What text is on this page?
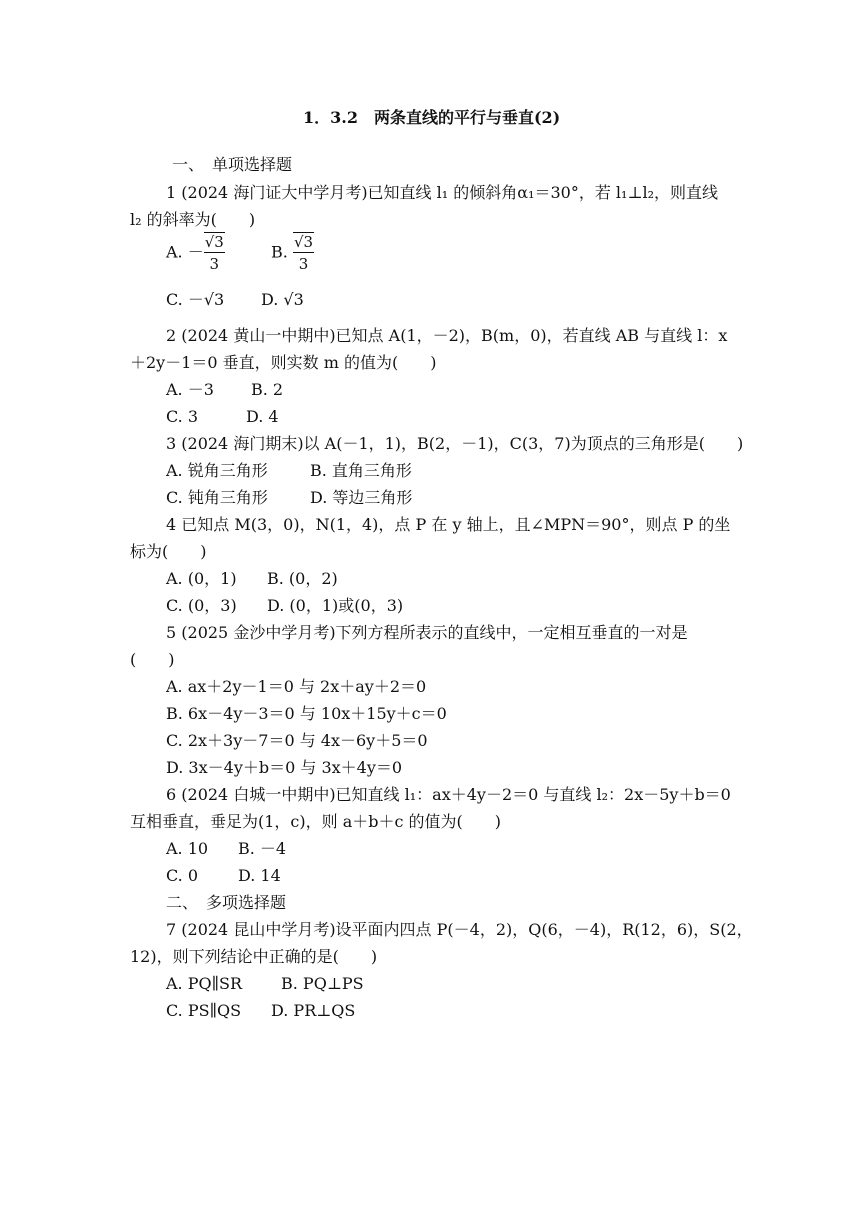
1．3.2　两条直线的平行与垂直(2)
一、　单项选择题
1 (2024 海门证大中学月考)已知直线 l₁ 的倾斜角α₁＝30°，若 l₁⊥l₂，则直线
l₂ 的斜率为(　　)
A. － $\frac{√3}{3}$	B. $\frac{√3}{3}$
C. －√3 D. √3
2 (2024 黄山一中期中)已知点 A(1，－2)，B(m，0)，若直线 AB 与直线 l：x
＋2y－1＝0 垂直，则实数 m 的值为(　　)
A. －3 B. 2
C. 3	D. 4
3 (2024 海门期末)以 A(－1，1)，B(2，－1)，C(3，7)为顶点的三角形是(　　)
A. 锐角三角形	B. 直角三角形
C. 钝角三角形	D. 等边三角形
4 已知点 M(3，0)，N(1，4)，点 P 在 y 轴上，且∠MPN＝90°，则点 P 的坐
标为(　　)
A. (0，1) B. (0，2)
C. (0，3) D. (0，1)或(0，3)
5 (2025 金沙中学月考)下列方程所表示的直线中，一定相互垂直的一对是
(　　)
A. ax＋2y－1＝0 与 2x＋ay＋2＝0
B. 6x－4y－3＝0 与 10x＋15y＋c＝0
C. 2x＋3y－7＝0 与 4x－6y＋5＝0
D. 3x－4y＋b＝0 与 3x＋4y＝0
6 (2024 白城一中期中)已知直线 l₁：ax＋4y－2＝0 与直线 l₂：2x－5y＋b＝0
互相垂直，垂足为(1，c)，则 a＋b＋c 的值为(　　)
A. 10 B. －4
C. 0 D. 14
二、　多项选择题
7 (2024 昆山中学月考)设平面内四点 P(－4，2)，Q(6，－4)，R(12，6)，S(2，
12)，则下列结论中正确的是(　　)
A. PQ∥SR B. PQ⊥PS
C. PS∥QS D. PR⊥QS
